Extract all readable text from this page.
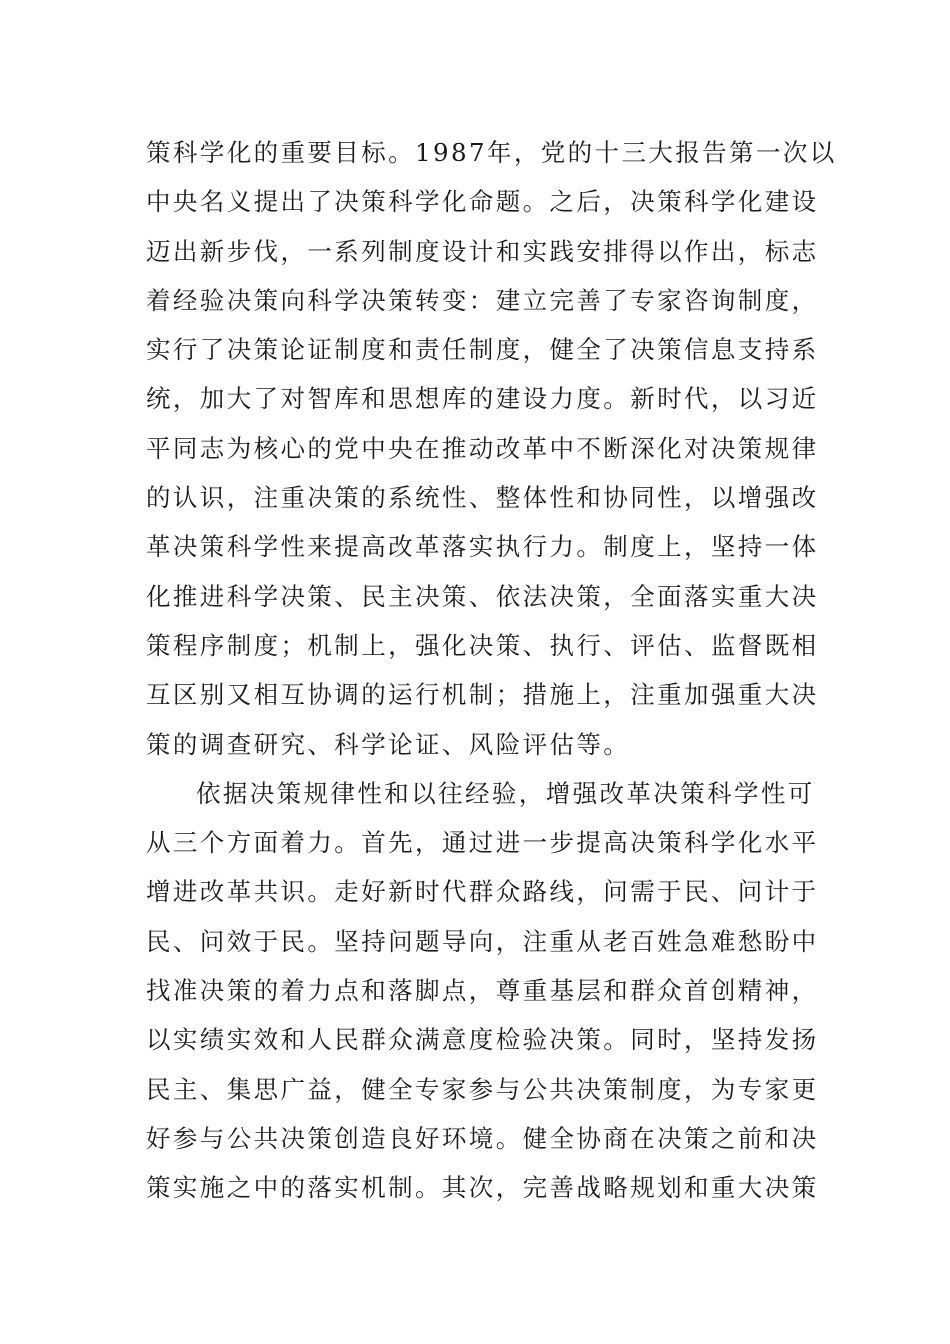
策科学化的重要目标。1987年，党的十三大报告第一次以
中央名义提出了决策科学化命题。之后，决策科学化建设
迈出新步伐，一系列制度设计和实践安排得以作出，标志
着经验决策向科学决策转变：建立完善了专家咨询制度，
实行了决策论证制度和责任制度，健全了决策信息支持系
统，加大了对智库和思想库的建设力度。新时代，以习近
平同志为核心的党中央在推动改革中不断深化对决策规律
的认识，注重决策的系统性、整体性和协同性，以增强改
革决策科学性来提高改革落实执行力。制度上，坚持一体
化推进科学决策、民主决策、依法决策，全面落实重大决
策程序制度；机制上，强化决策、执行、评估、监督既相
互区别又相互协调的运行机制；措施上，注重加强重大决
策的调查研究、科学论证、风险评估等。
依据决策规律性和以往经验，增强改革决策科学性可
从三个方面着力。首先，通过进一步提高决策科学化水平
增进改革共识。走好新时代群众路线，问需于民、问计于
民、问效于民。坚持问题导向，注重从老百姓急难愁盼中
找准决策的着力点和落脚点，尊重基层和群众首创精神，
以实绩实效和人民群众满意度检验决策。同时，坚持发扬
民主、集思广益，健全专家参与公共决策制度，为专家更
好参与公共决策创造良好环境。健全协商在决策之前和决
策实施之中的落实机制。其次，完善战略规划和重大决策
